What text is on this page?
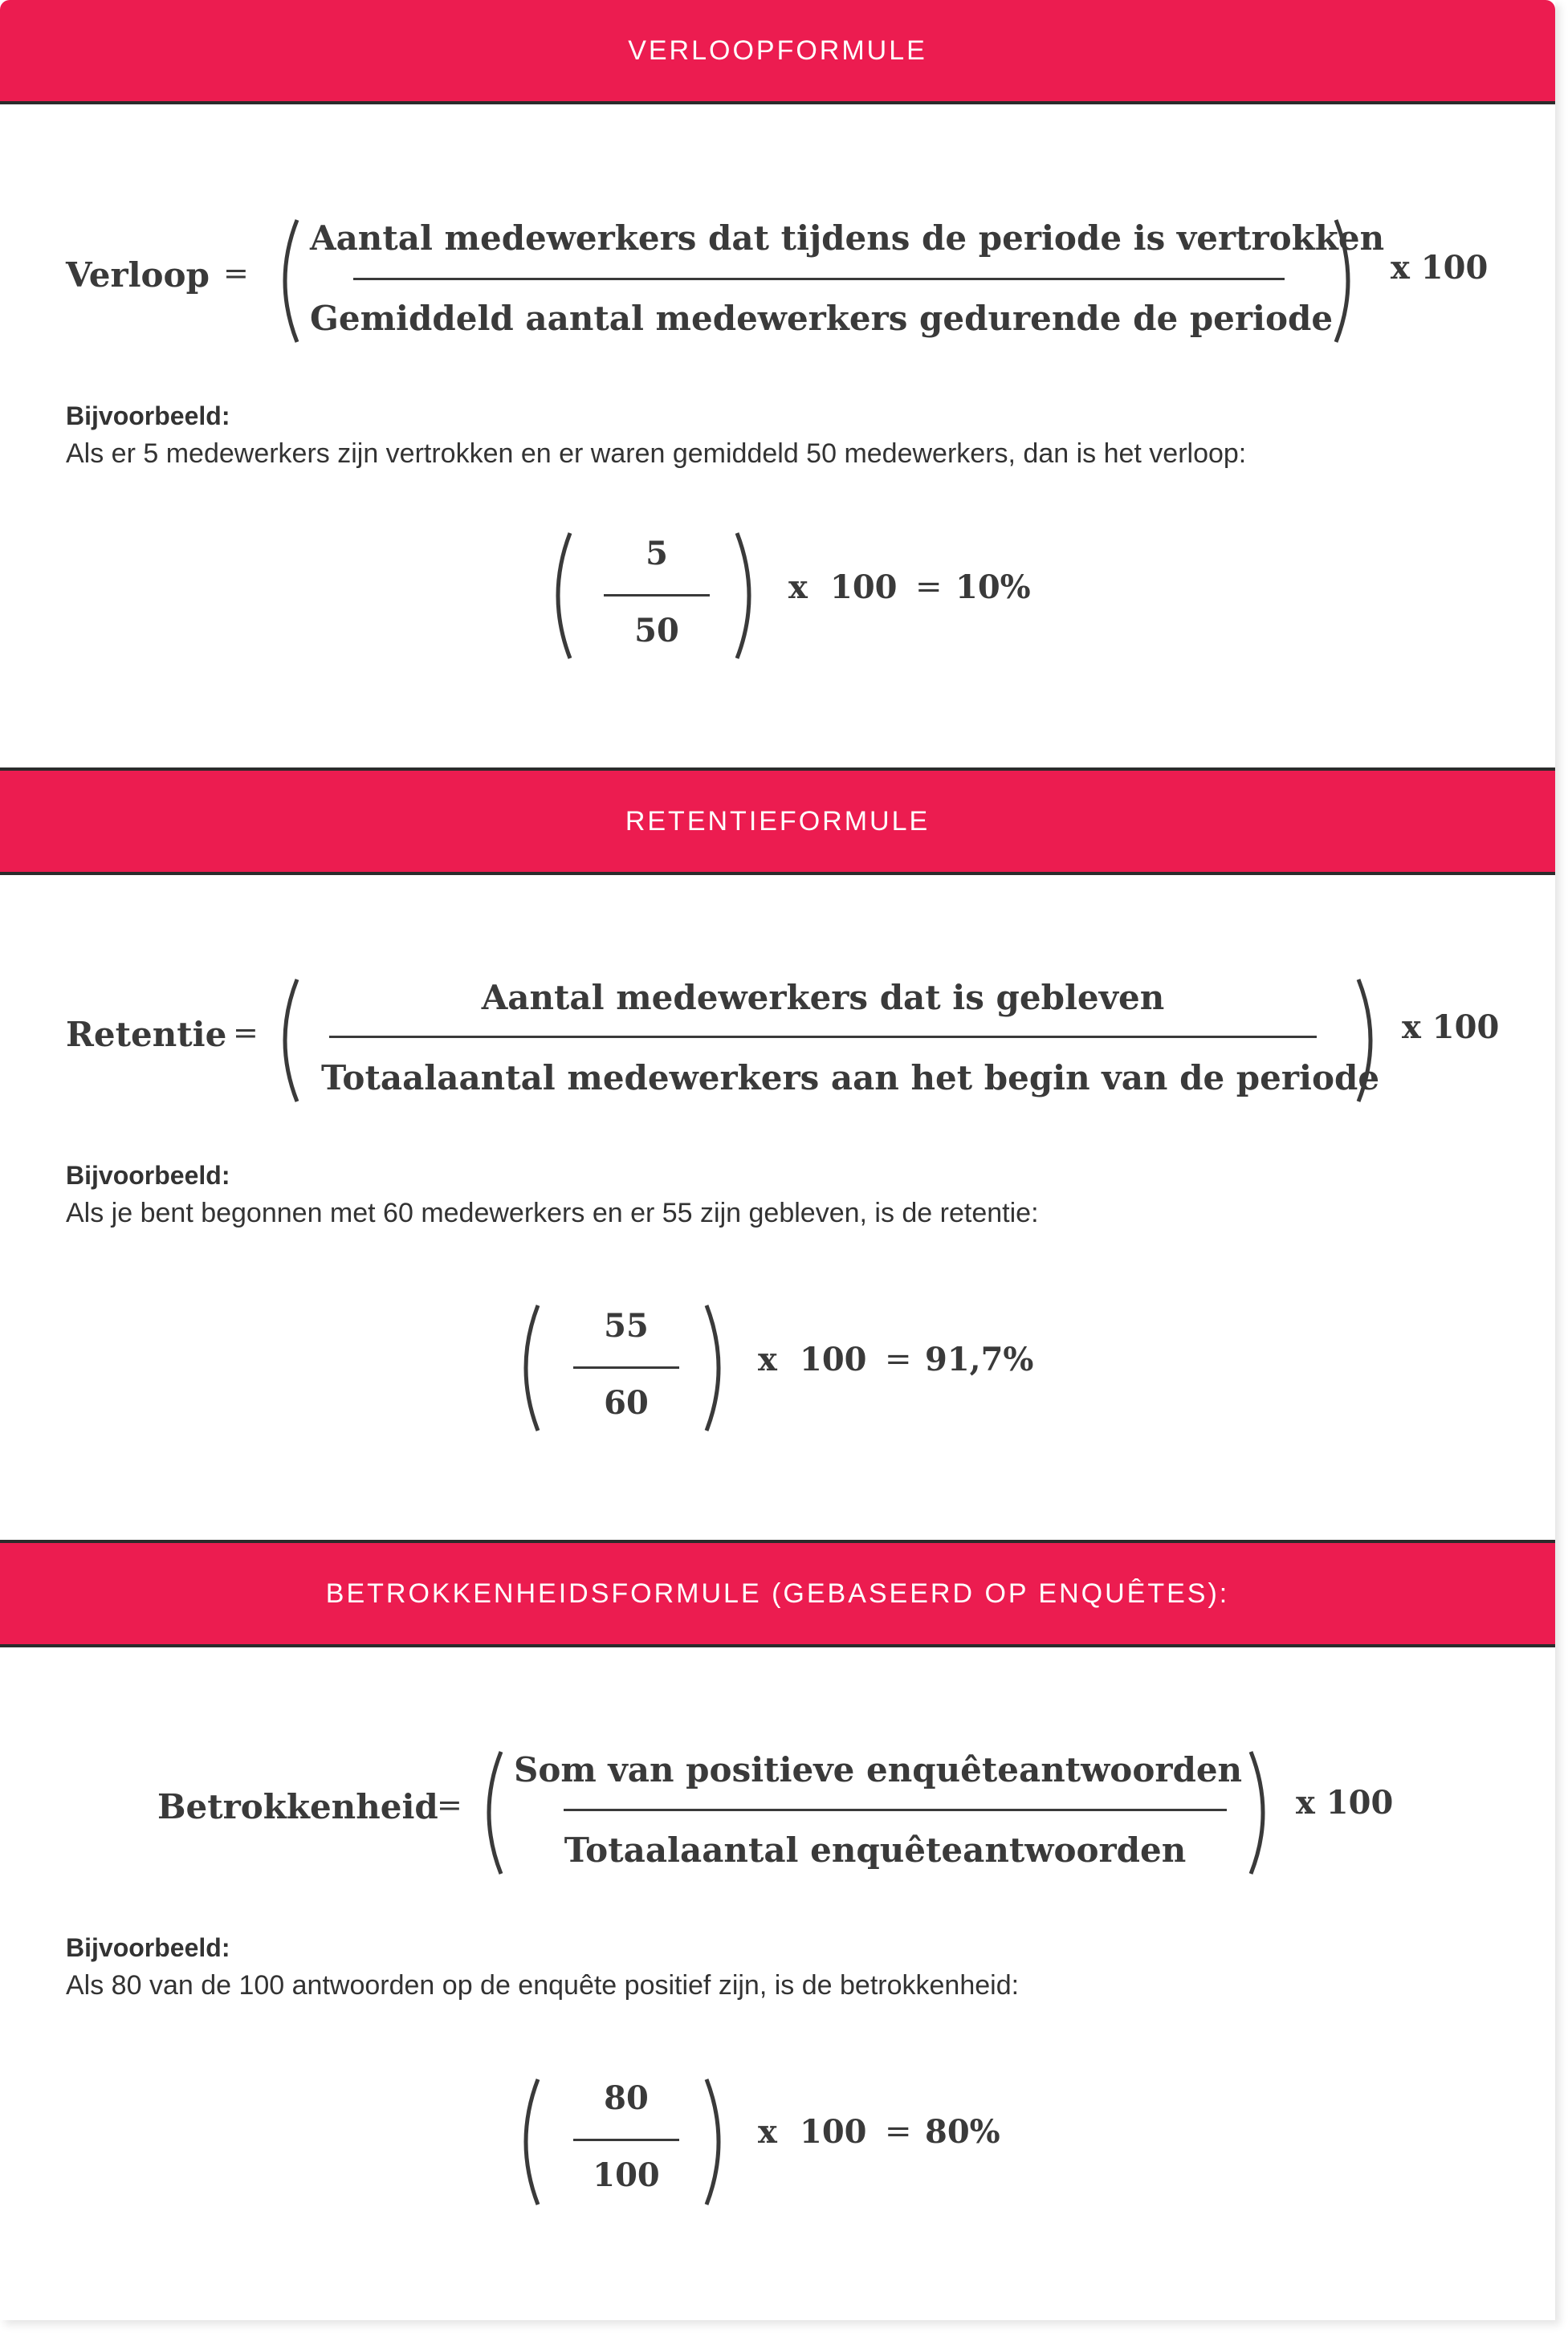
VERLOOPFORMULE
Verloop =
Aantal medewerkers dat tijdens de periode is vertrokken
Gemiddeld aantal medewerkers gedurende de periode
x 100
Bijvoorbeeld:
Als er 5 medewerkers zijn vertrokken en er waren gemiddeld 50 medewerkers, dan is het verloop:
5
50
x 100 = 10%
RETENTIEFORMULE
Retentie =
Aantal medewerkers dat is gebleven
Totaalaantal medewerkers aan het begin van de periode
x 100
Bijvoorbeeld:
Als je bent begonnen met 60 medewerkers en er 55 zijn gebleven, is de retentie:
55
60
x 100 = 91,7%
BETROKKENHEIDSFORMULE (GEBASEERD OP ENQUÊTES):
Betrokkenheid
=
Som van positieve enquêteantwoorden
Totaalaantal enquêteantwoorden
x 100
Bijvoorbeeld:
Als 80 van de 100 antwoorden op de enquête positief zijn, is de betrokkenheid:
80
100
x 100 = 80%
